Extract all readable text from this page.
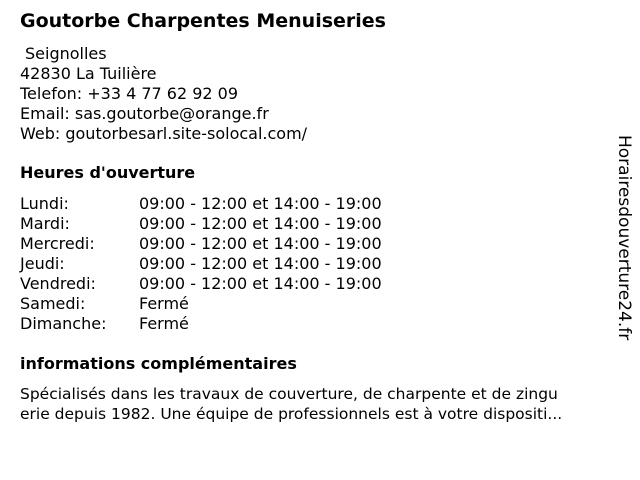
Goutorbe Charpentes Menuiseries
Seignolles
42830 La Tuilière
Telefon: +33 4 77 62 92 09
Email: sas.goutorbe@orange.fr
Web: goutorbesarl.site-solocal.com/
Heures d'ouverture
Lundi:	09:00 - 12:00 et 14:00 - 19:00
Mardi:	09:00 - 12:00 et 14:00 - 19:00
Mercredi:	09:00 - 12:00 et 14:00 - 19:00
Jeudi:	09:00 - 12:00 et 14:00 - 19:00
Vendredi:	09:00 - 12:00 et 14:00 - 19:00
Samedi:	Fermé
Dimanche: Fermé
informations complémentaires
Spécialisés dans les travaux de couverture, de charpente et de zingu
erie depuis 1982. Une équipe de professionnels est à votre dispositi...
Horairesdouverture24.fr
